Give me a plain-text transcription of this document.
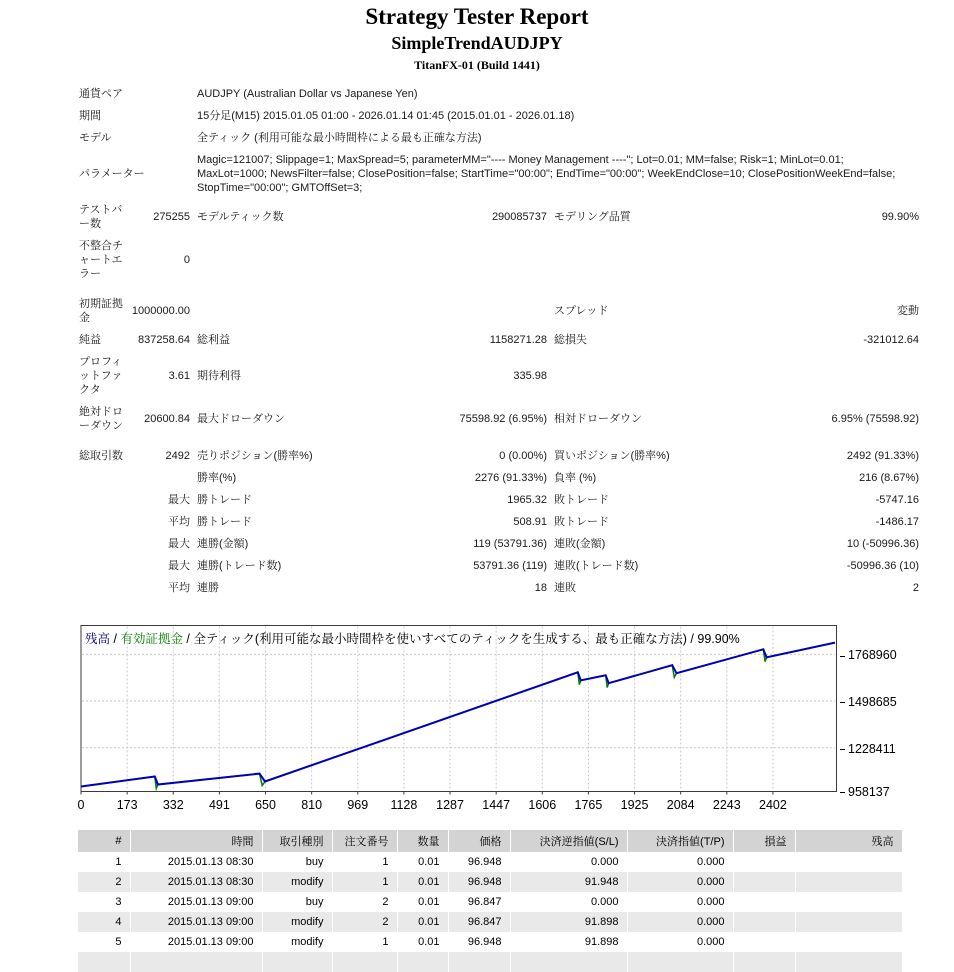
Strategy Tester Report
SimpleTrendAUDJPY
TitanFX-01 (Build 1441)
通貨ペア	AUDJPY (Australian Dollar vs Japanese Yen)
期間	15分足(M15) 2015.01.05 01:00 - 2026.01.14 01:45 (2015.01.01 - 2026.01.18)
モデル	全ティック (利用可能な最小時間枠による最も正確な方法)
パラメーター	Magic=121007; Slippage=1; MaxSpread=5; parameterMM="---- Money Management ----"; Lot=0.01; MM=false; Risk=1; MinLot=0.01; MaxLot=1000; NewsFilter=false; ClosePosition=false; StartTime="00:00"; EndTime="00:00"; WeekEndClose=10; ClosePositionWeekEnd=false; StopTime="00:00"; GMTOffSet=3;
テストバー数	275255	モデルティック数	290085737	モデリング品質	99.90%
不整合チャートエラー	0				
初期証拠金	1000000.00			スプレッド	変動
純益	837258.64	総利益	1158271.28	総損失	-321012.64
プロフィットファクタ	3.61	期待利得	335.98		
絶対ドローダウン	20600.84	最大ドローダウン	75598.92 (6.95%)	相対ドローダウン	6.95% (75598.92)
総取引数	2492	売りポジション(勝率%)	0 (0.00%)	買いポジション(勝率%)	2492 (91.33%)
		勝率(%)	2276 (91.33%)	負率 (%)	216 (8.67%)
	最大	勝トレード	1965.32	敗トレード	-5747.16
	平均	勝トレード	508.91	敗トレード	-1486.17
	最大	連勝(金額)	119 (53791.36)	連敗(金額)	10 (-50996.36)
	最大	連勝(トレード数)	53791.36 (119)	連敗(トレード数)	-50996.36 (10)
	平均	連勝	18	連敗	2
残高 / 有効証拠金 / 全ティック(利用可能な最小時間枠を使いすべてのティックを生成する、最も正確な方法) / 99.90%
1768960
1498685
1228411
958137
0	173 332 491 650 810 969 1128 1287 1447 1606 1765 1925 2084 2243 2402
#	時間	取引種別	注文番号	数量	価格	決済逆指値(S/L)	決済指値(T/P)	損益	残高
1	2015.01.13 08:30	buy	1	0.01	96.948	0.000	0.000		
2	2015.01.13 08:30	modify	1	0.01	96.948	91.948	0.000		
3	2015.01.13 09:00	buy	2	0.01	96.847	0.000	0.000		
4	2015.01.13 09:00	modify	2	0.01	96.847	91.898	0.000		
5	2015.01.13 09:00	modify	1	0.01	96.948	91.898	0.000		
